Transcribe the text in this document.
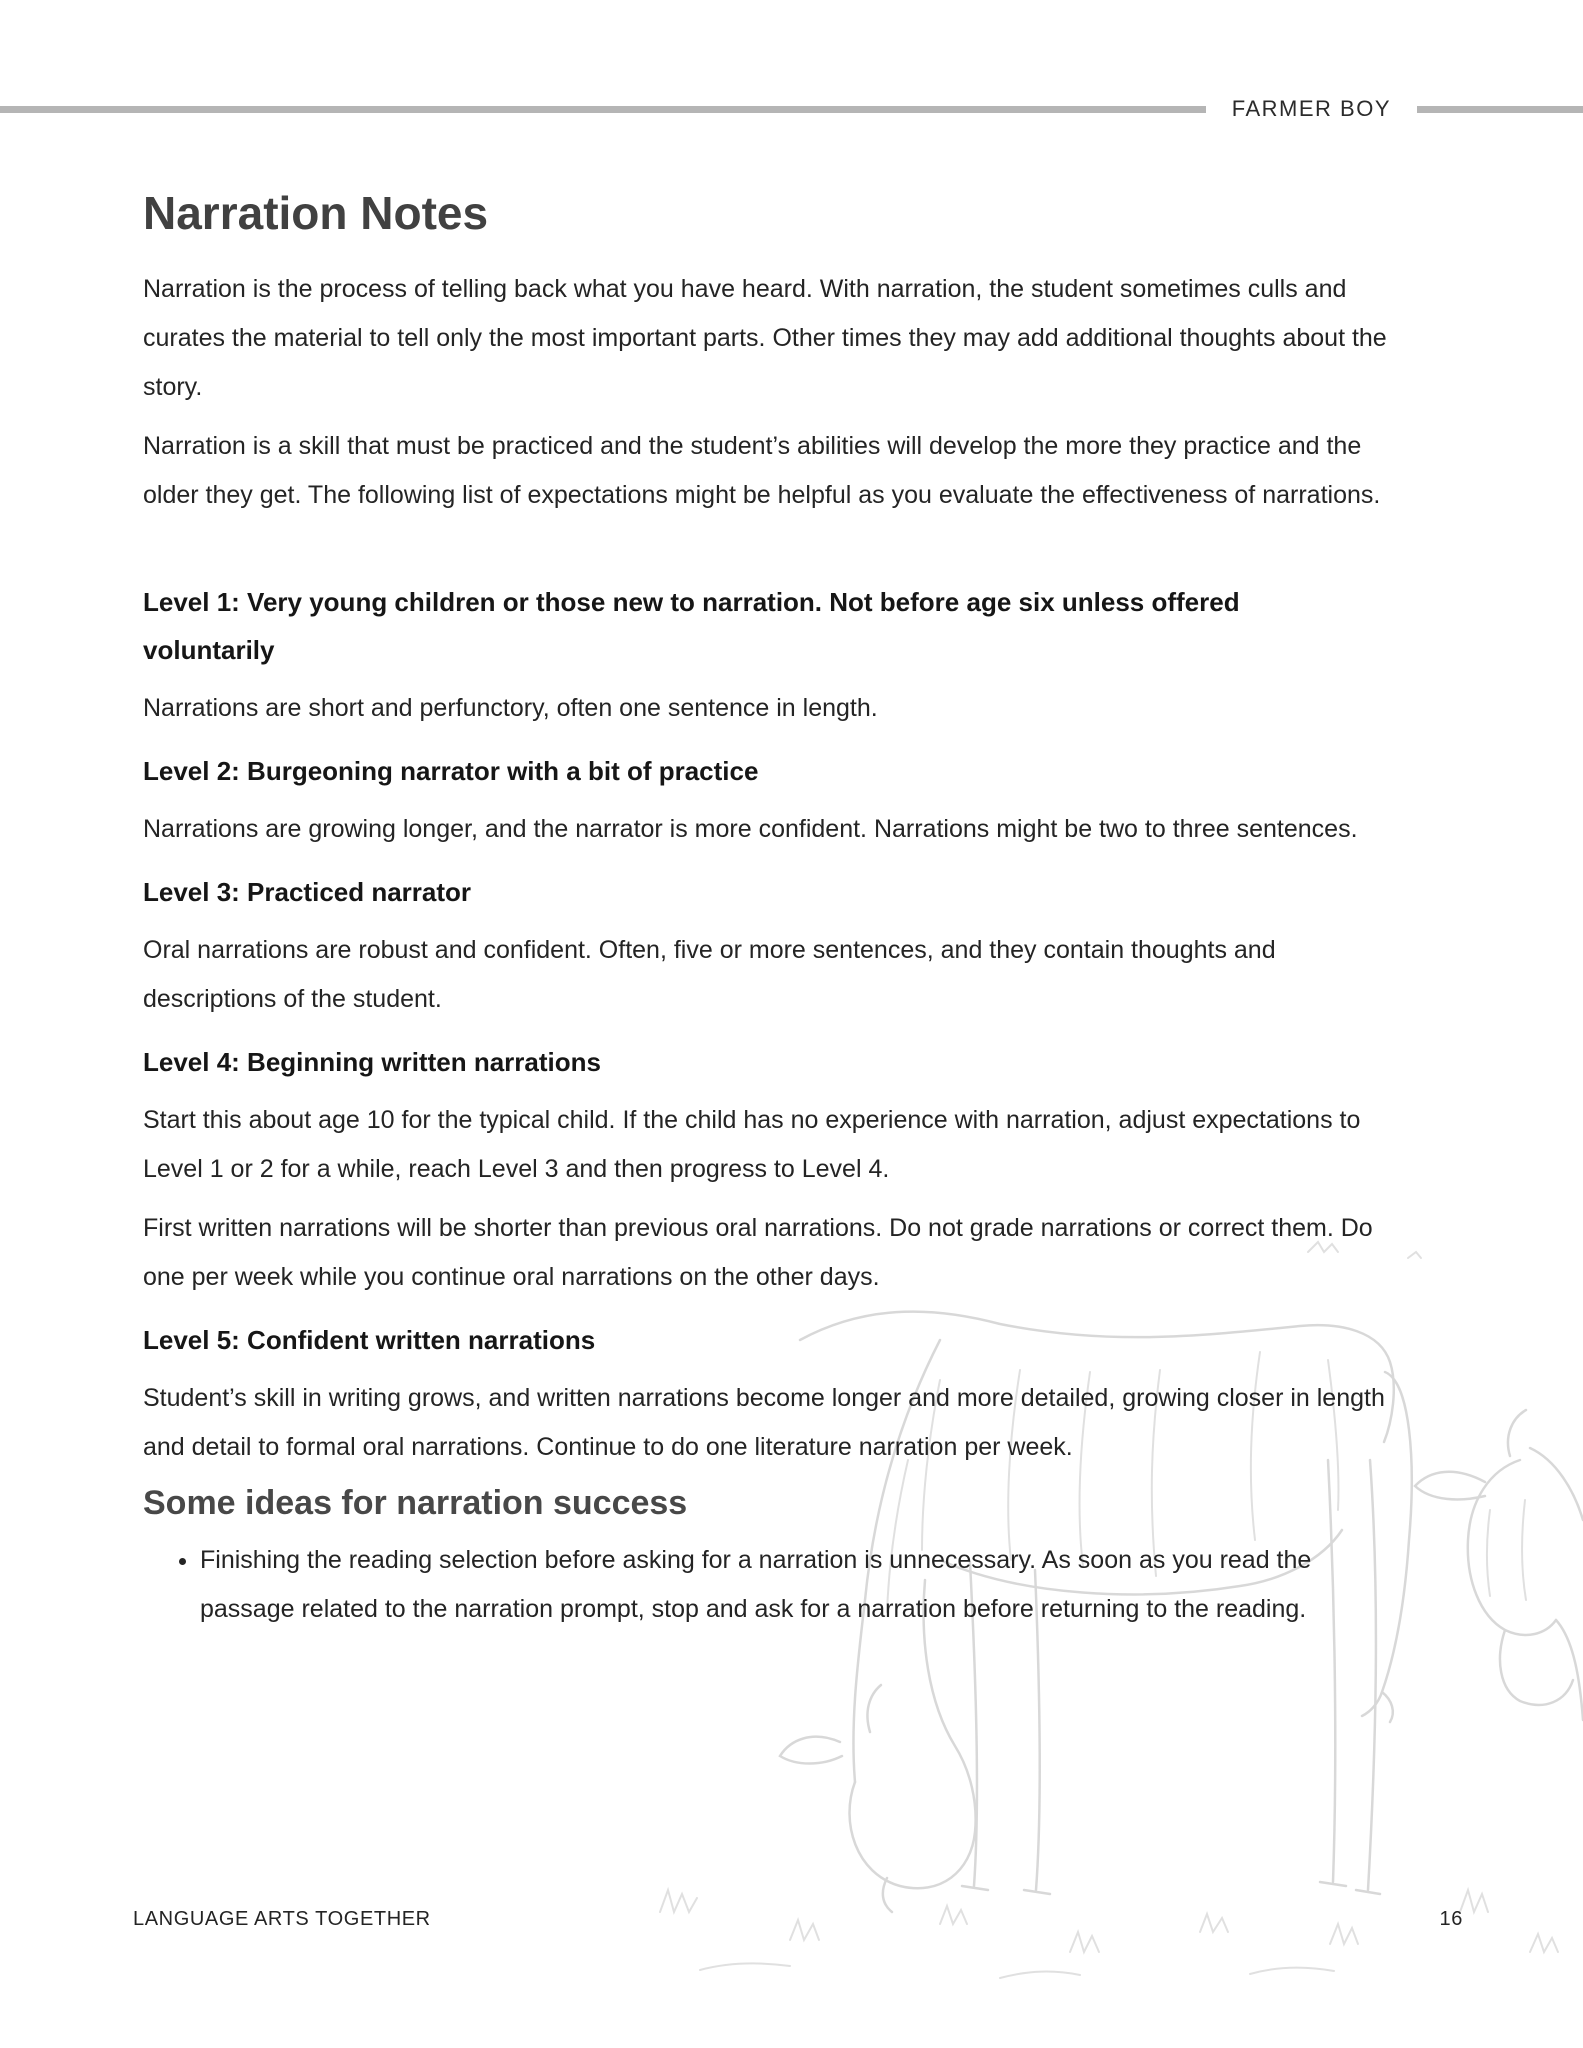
FARMER BOY
Narration Notes

Narration is the process of telling back what you have heard. With narration, the student sometimes culls and curates the material to tell only the most important parts. Other times they may add additional thoughts about the story.

Narration is a skill that must be practiced and the student’s abilities will develop the more they practice and the older they get. The following list of expectations might be helpful as you evaluate the effectiveness of narrations.

Level 1: Very young children or those new to narration. Not before age six unless offered voluntarily

Narrations are short and perfunctory, often one sentence in length.

Level 2: Burgeoning narrator with a bit of practice

Narrations are growing longer, and the narrator is more confident. Narrations might be two to three sentences.

Level 3: Practiced narrator

Oral narrations are robust and confident. Often, five or more sentences, and they contain thoughts and descriptions of the student.

Level 4: Beginning written narrations

Start this about age 10 for the typical child. If the child has no experience with narration, adjust expectations to Level 1 or 2 for a while, reach Level 3 and then progress to Level 4.

First written narrations will be shorter than previous oral narrations. Do not grade narrations or correct them. Do one per week while you continue oral narrations on the other days.

Level 5: Confident written narrations

Student’s skill in writing grows, and written narrations become longer and more detailed, growing closer in length and detail to formal oral narrations. Continue to do one literature narration per week.

Some ideas for narration success
• Finishing the reading selection before asking for a narration is unnecessary. As soon as you read the passage related to the narration prompt, stop and ask for a narration before returning to the reading.
LANGUAGE ARTS TOGETHER	16
